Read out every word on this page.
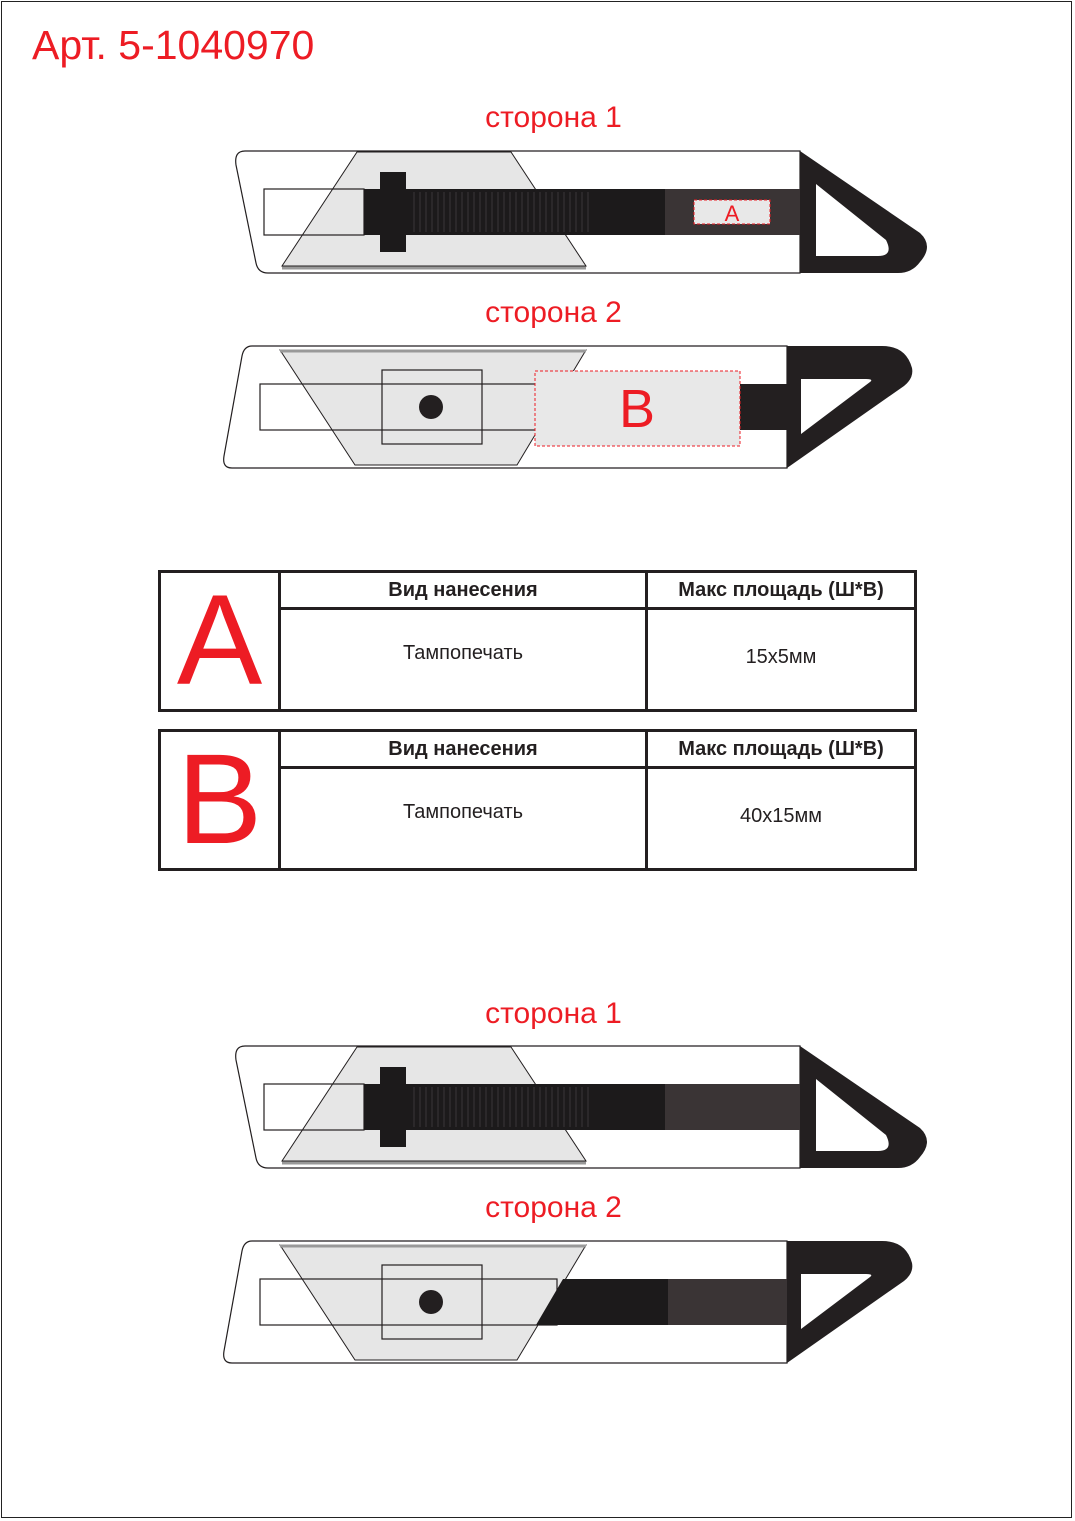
Арт. 5-1040970
сторона 1
A
сторона 2
B
A	Вид нанесения
Тампопечать
Макс площадь (Ш*В)
15x5мм
B	Вид нанесения
Тампопечать
Макс площадь (Ш*В)
40x15мм
сторона 1
сторона 2
